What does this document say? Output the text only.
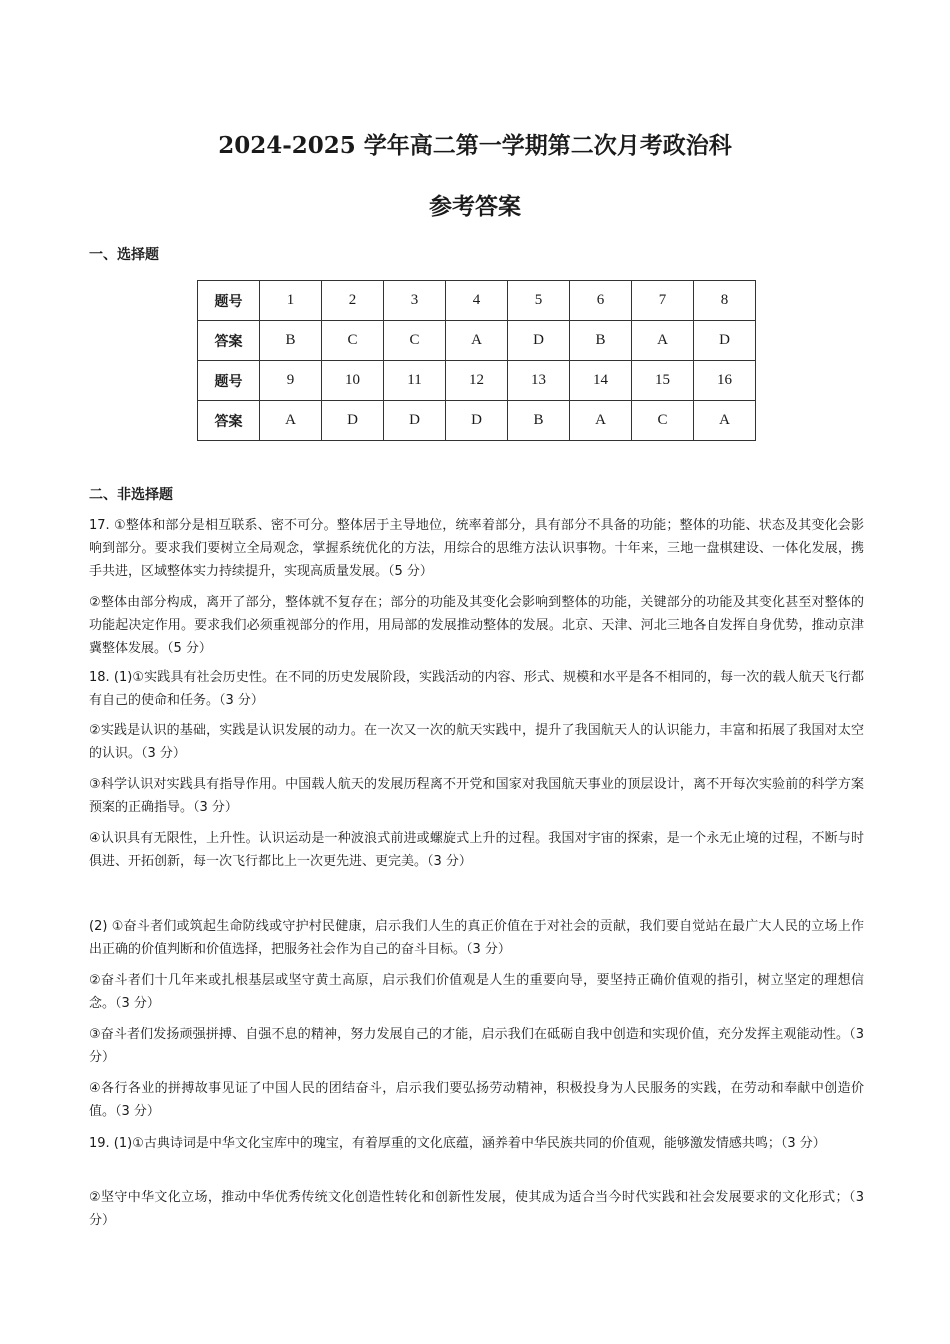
2024-2025 学年高二第一学期第二次月考政治科
参考答案
一、选择题
题号	1	2	3	4	5	6	7	8
答案	B	C	C	A	D	B	A	D
题号	9	10	11	12	13	14	15	16
答案	A	D	D	D	B	A	C	A
二、非选择题
17. ①整体和部分是相互联系、密不可分。整体居于主导地位，统率着部分，具有部分不具备的功能；整体的功能、状态及其变化会影响到部分。要求我们要树立全局观念，掌握系统优化的方法，用综合的思维方法认识事物。十年来，三地一盘棋建设、一体化发展，携手共进，区域整体实力持续提升，实现高质量发展。（5 分）
②整体由部分构成，离开了部分，整体就不复存在；部分的功能及其变化会影响到整体的功能，关键部分的功能及其变化甚至对整体的功能起决定作用。要求我们必须重视部分的作用，用局部的发展推动整体的发展。北京、天津、河北三地各自发挥自身优势，推动京津冀整体发展。（5 分）
18. (1)①实践具有社会历史性。在不同的历史发展阶段，实践活动的内容、形式、规模和水平是各不相同的，每一次的载人航天飞行都有自己的使命和任务。（3 分）
②实践是认识的基础，实践是认识发展的动力。在一次又一次的航天实践中，提升了我国航天人的认识能力，丰富和拓展了我国对太空的认识。（3 分）
③科学认识对实践具有指导作用。中国载人航天的发展历程离不开党和国家对我国航天事业的顶层设计，离不开每次实验前的科学方案预案的正确指导。（3 分）
④认识具有无限性，上升性。认识运动是一种波浪式前进或螺旋式上升的过程。我国对宇宙的探索，是一个永无止境的过程，不断与时俱进、开拓创新，每一次飞行都比上一次更先进、更完美。（3 分）
(2) ①奋斗者们或筑起生命防线或守护村民健康，启示我们人生的真正价值在于对社会的贡献，我们要自觉站在最广大人民的立场上作出正确的价值判断和价值选择，把服务社会作为自己的奋斗目标。（3 分）
②奋斗者们十几年来或扎根基层或坚守黄土高原，启示我们价值观是人生的重要向导，要坚持正确价值观的指引，树立坚定的理想信念。（3 分）
③奋斗者们发扬顽强拼搏、自强不息的精神，努力发展自己的才能，启示我们在砥砺自我中创造和实现价值，充分发挥主观能动性。（3 分）
④各行各业的拼搏故事见证了中国人民的团结奋斗，启示我们要弘扬劳动精神，积极投身为人民服务的实践，在劳动和奉献中创造价值。（3 分）
19. (1)①古典诗词是中华文化宝库中的瑰宝，有着厚重的文化底蕴，涵养着中华民族共同的价值观，能够激发情感共鸣；（3 分）
②坚守中华文化立场，推动中华优秀传统文化创造性转化和创新性发展，使其成为适合当今时代实践和社会发展要求的文化形式；（3 分）
